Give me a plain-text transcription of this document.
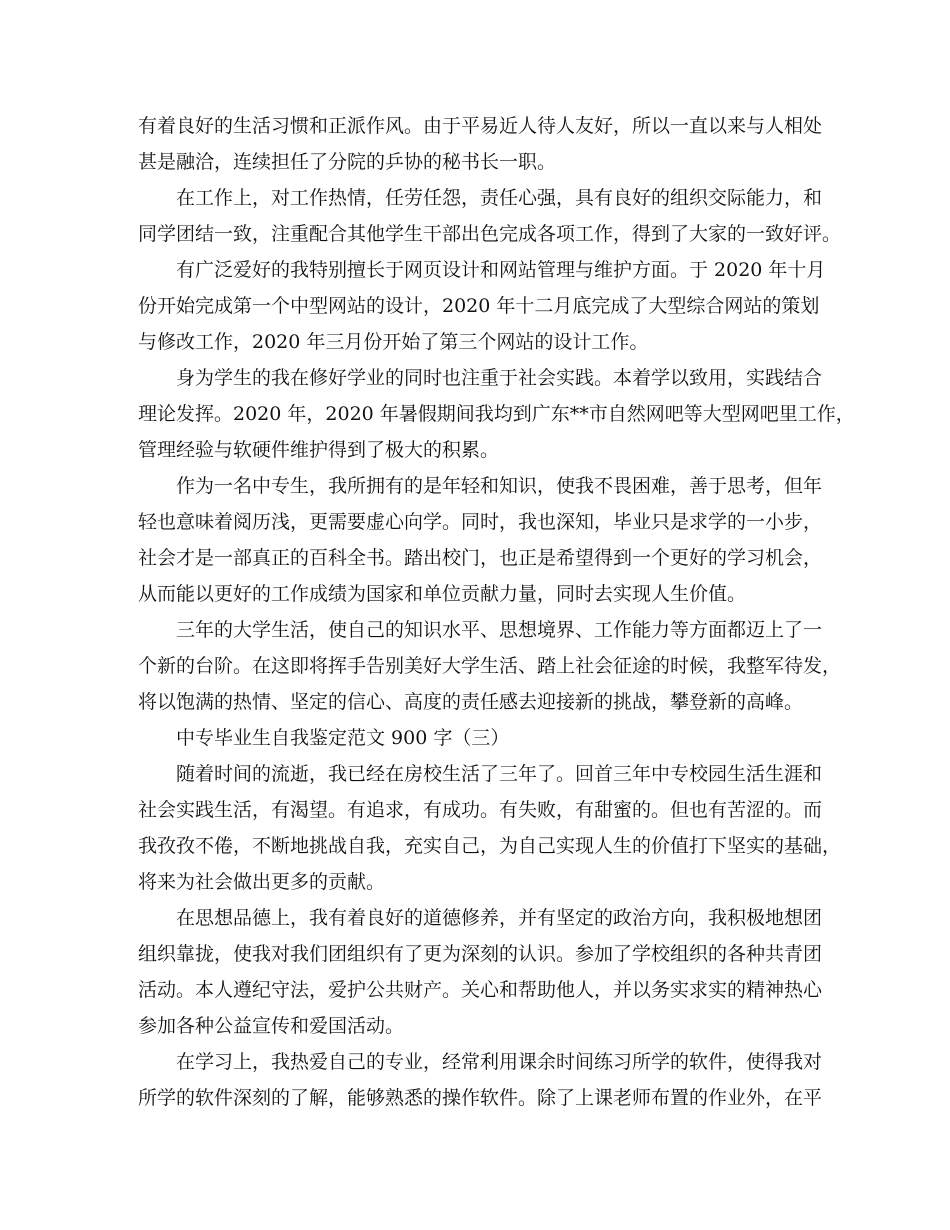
有着良好的生活习惯和正派作风。由于平易近人待人友好，所以一直以来与人相处
甚是融洽，连续担任了分院的乒协的秘书长一职。
在工作上，对工作热情，任劳任怨，责任心强，具有良好的组织交际能力，和
同学团结一致，注重配合其他学生干部出色完成各项工作，得到了大家的一致好评。
有广泛爱好的我特别擅长于网页设计和网站管理与维护方面。于 2020 年十月
份开始完成第一个中型网站的设计，2020 年十二月底完成了大型综合网站的策划
与修改工作，2020 年三月份开始了第三个网站的设计工作。
身为学生的我在修好学业的同时也注重于社会实践。本着学以致用，实践结合
理论发挥。2020 年，2020 年暑假期间我均到广东**市自然网吧等大型网吧里工作，
管理经验与软硬件维护得到了极大的积累。
作为一名中专生，我所拥有的是年轻和知识，使我不畏困难，善于思考，但年
轻也意味着阅历浅，更需要虚心向学。同时，我也深知，毕业只是求学的一小步，
社会才是一部真正的百科全书。踏出校门，也正是希望得到一个更好的学习机会，
从而能以更好的工作成绩为国家和单位贡献力量，同时去实现人生价值。
三年的大学生活，使自己的知识水平、思想境界、工作能力等方面都迈上了一
个新的台阶。在这即将挥手告别美好大学生活、踏上社会征途的时候，我整军待发，
将以饱满的热情、坚定的信心、高度的责任感去迎接新的挑战，攀登新的高峰。
中专毕业生自我鉴定范文 900 字（三）
随着时间的流逝，我已经在房校生活了三年了。回首三年中专校园生活生涯和
社会实践生活，有渴望。有追求，有成功。有失败，有甜蜜的。但也有苦涩的。而
我孜孜不倦，不断地挑战自我，充实自己，为自己实现人生的价值打下坚实的基础，
将来为社会做出更多的贡献。
在思想品德上，我有着良好的道德修养，并有坚定的政治方向，我积极地想团
组织靠拢，使我对我们团组织有了更为深刻的认识。参加了学校组织的各种共青团
活动。本人遵纪守法，爱护公共财产。关心和帮助他人，并以务实求实的精神热心
参加各种公益宣传和爱国活动。
在学习上，我热爱自己的专业，经常利用课余时间练习所学的软件，使得我对
所学的软件深刻的了解，能够熟悉的操作软件。除了上课老师布置的作业外，在平
